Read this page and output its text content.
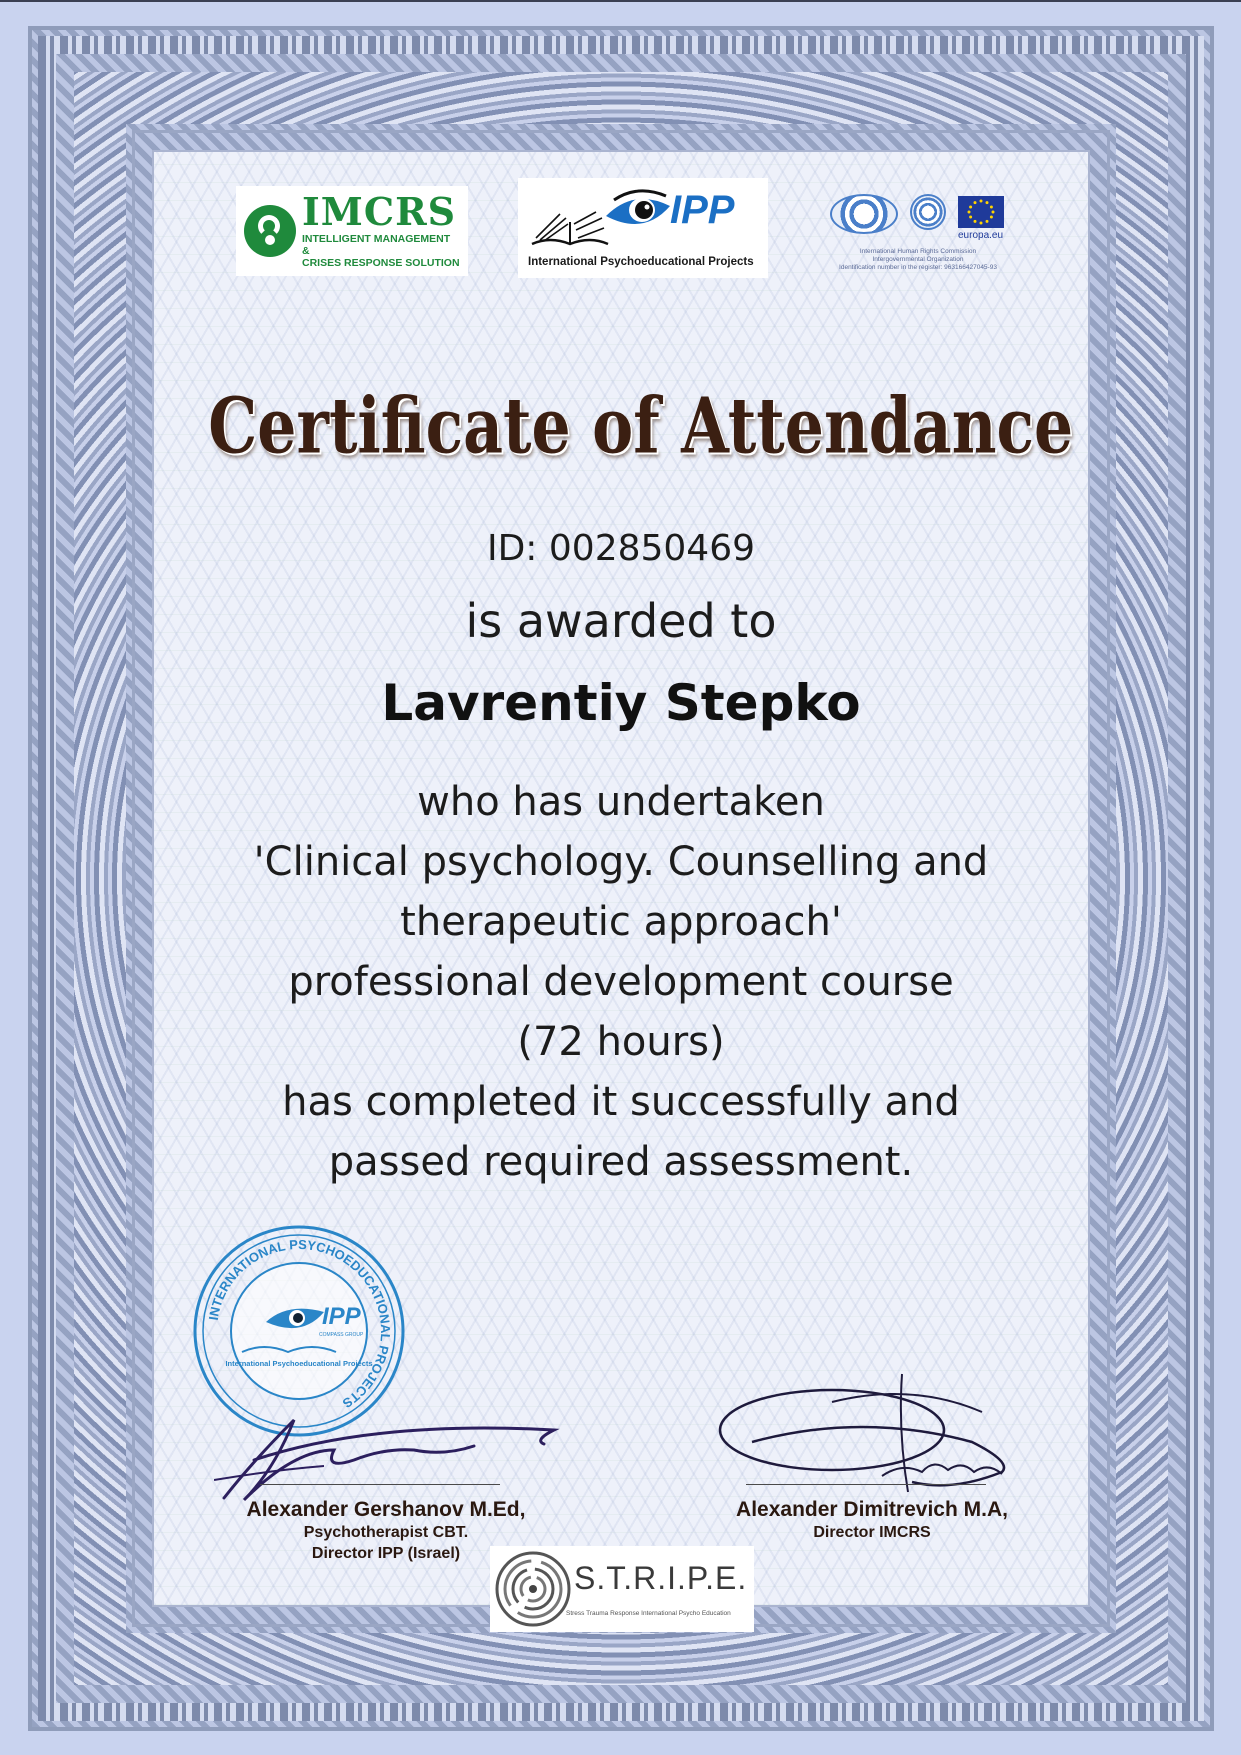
IMCRS
INTELLIGENT MANAGEMENT &
CRISES RESPONSE SOLUTION
IPP
International Psychoeducational Projects
europa.eu
International Human Rights Commission
Intergovernmental Organization
Identification number in the register: 963166427045-93
Certificate of Attendance
ID: 002850469
is awarded to
Lavrentiy Stepko
who has undertaken
'Clinical psychology. Counselling and
therapeutic approach'
professional development course
(72 hours)
has completed it successfully and
passed required assessment.
INTERNATIONAL PSYCHOEDUCATIONAL PROJECTS
IPP
COMPASS GROUP
International Psychoeducational Projects
Alexander Gershanov M.Ed,
Psychotherapist CBT.
Director IPP (Israel)
Alexander Dimitrevich M.A,
Director IMCRS
S.T.R.I.P.E.
Stress Trauma Response International Psycho Education
